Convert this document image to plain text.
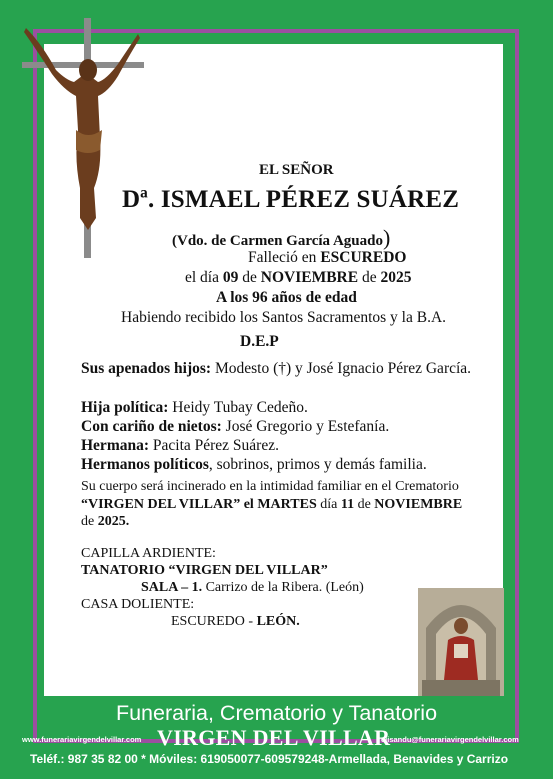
EL SEÑOR
Dª. ISMAEL PÉREZ SUÁREZ
(Vdo. de Carmen García Aguado)
Falleció en ESCUREDO
el día 09 de NOVIEMBRE de 2025
A los 96 años de edad
Habiendo recibido los Santos Sacramentos y la B.A.
D.E.P
Sus apenados hijos: Modesto (†) y José Ignacio Pérez García.
Hija política: Heidy Tubay Cedeño.
Con cariño de nietos: José Gregorio y Estefanía.
Hermana: Pacita Pérez Suárez.
Hermanos políticos, sobrinos, primos y demás familia.
Su cuerpo será incinerado en la intimidad familiar en el Crematorio “VIRGEN DEL VILLAR” el MARTES día 11 de NOVIEMBRE de 2025.
CAPILLA ARDIENTE:
TANATORIO “VIRGEN DEL VILLAR”
SALA – 1. Carrizo de la Ribera. (León)
CASA DOLIENTE:
ESCUREDO - LEÓN.
Funeraria, Crematorio y Tanatorio
www.funerariavirgendelvillar.com VIRGEN DEL VILLAR
elisandu@funerariavirgendelvillar.com
Teléf.: 987 35 82 00 * Móviles: 619050077-609579248-Armellada, Benavides y Carrizo
